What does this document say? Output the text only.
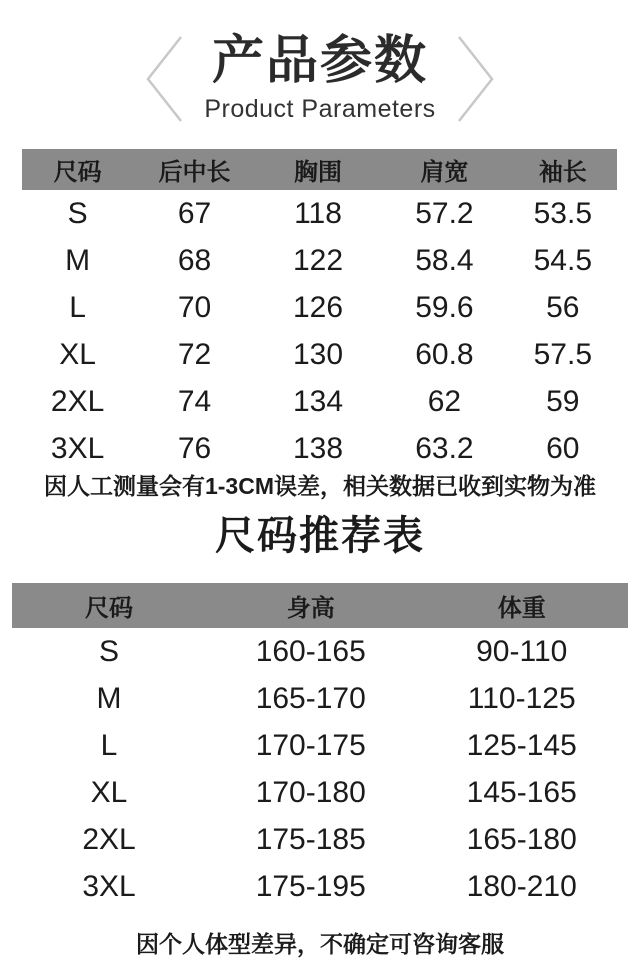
产品参数
Product Parameters
尺码	后中长	胸围	肩宽	袖长
S	67	118	57.2	53.5
M	68	122	58.4	54.5
L	70	126	59.6	56
XL	72	130	60.8	57.5
2XL	74	134	62	59
3XL	76	138	63.2	60
因人工测量会有1-3CM误差，相关数据已收到实物为准
尺码推荐表
尺码	身高	体重
S	160-165	90-110
M	165-170	110-125
L	170-175	125-145
XL	170-180	145-165
2XL	175-185	165-180
3XL	175-195	180-210
因个人体型差异，不确定可咨询客服
